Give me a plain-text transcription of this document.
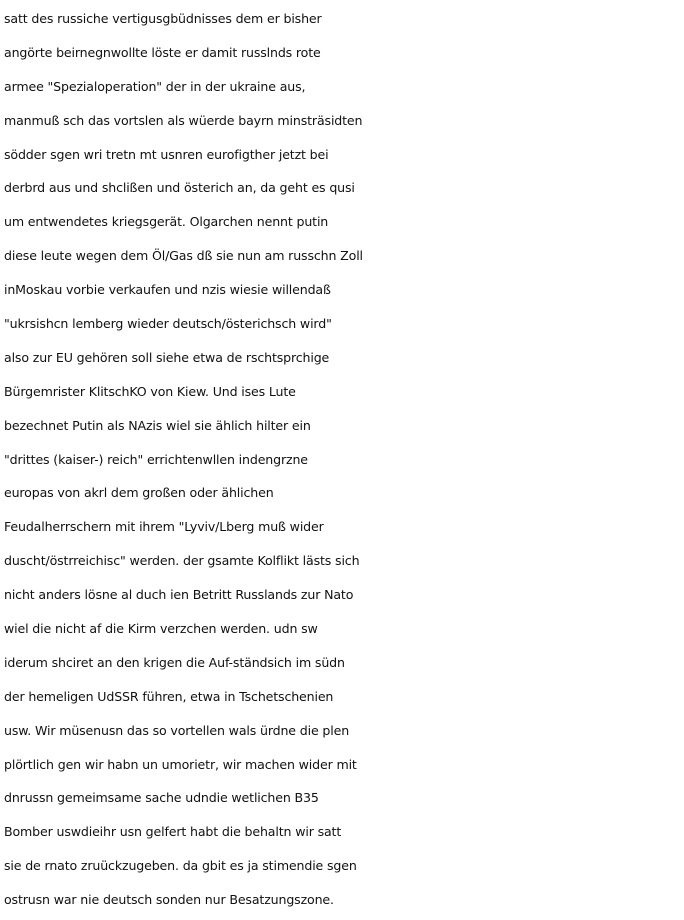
satt des russiche vertigusgbüdnisses dem er bisher
angörte beirnegnwollte löste er damit russlnds rote
armee "Spezialoperation" der in der ukraine aus,
manmuß sch das vortslen als wüerde bayrn minsträsidten
södder sgen wri tretn mt usnren eurofigther jetzt bei
derbrd aus und shclißen und österich an, da geht es qusi
um entwendetes kriegsgerät. Olgarchen nennt putin
diese leute wegen dem Öl/Gas dß sie nun am russchn Zoll
inMoskau vorbie verkaufen und nzis wiesie willendaß
"ukrsishcn lemberg wieder deutsch/österichsch wird"
also zur EU gehören soll siehe etwa de rschtsprchige
Bürgemrister KlitschKO von Kiew. Und ises Lute
bezechnet Putin als NAzis wiel sie ählich hilter ein
"drittes (kaiser-) reich" errichtenwllen indengrzne
europas von akrl dem großen oder ählichen
Feudalherrschern mit ihrem "Lyviv/Lberg muß wider
duscht/östrreichisc" werden. der gsamte Kolflikt lästs sich
nicht anders lösne al duch ien Betritt Russlands zur Nato
wiel die nicht af die Kirm verzchen werden. udn sw
iderum shciret an den krigen die Auf-ständsich im südn
der hemeligen UdSSR führen, etwa in Tschetschenien
usw. Wir müsenusn das so vortellen wals ürdne die plen
plörtlich gen wir habn un umorietr, wir machen wider mit
dnrussn gemeimsame sache udndie wetlichen B35
Bomber uswdieihr usn gelfert habt die behaltn wir satt
sie de rnato zruückzugeben. da gbit es ja stimendie sgen
ostrusn war nie deutsch sonden nur Besatzungszone.
